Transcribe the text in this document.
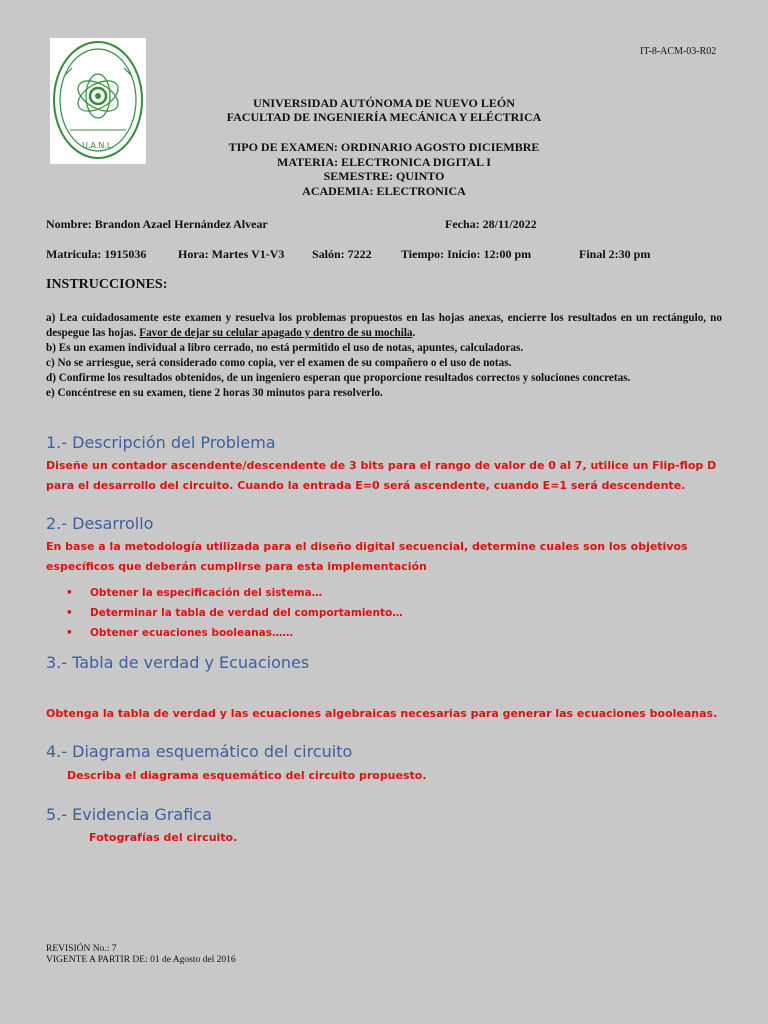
IT-8-ACM-03-R02
U.A.N.L.
UNIVERSIDAD AUTÓNOMA DE NUEVO LEÓN
FACULTAD DE INGENIERÍA MECÁNICA Y ELÉCTRICA
TIPO DE EXAMEN: ORDINARIO AGOSTO DICIEMBRE
MATERIA: ELECTRONICA DIGITAL I
SEMESTRE: QUINTO
ACADEMIA: ELECTRONICA
Nombre: Brandon Azael Hernández Alvear	Fecha: 28/11/2022
Matricula: 1915036	Hora: Martes V1-V3 Salón: 7222 Tiempo: Inicio: 12:00 pm	Final 2:30 pm
INSTRUCCIONES:

a) Lea cuidadosamente este examen y resuelva los problemas propuestos en las hojas anexas, encierre los resultados en un rectángulo, no despegue las hojas. Favor de dejar su celular apagado y dentro de su mochila.

b) Es un examen individual a libro cerrado, no está permitido el uso de notas, apuntes, calculadoras.

c) No se arriesgue, será considerado como copia, ver el examen de su compañero o el uso de notas.

d) Confirme los resultados obtenidos, de un ingeniero esperan que proporcione resultados correctos y soluciones concretas.

e) Concéntrese en su examen, tiene 2 horas 30 minutos para resolverlo.

1.- Descripción del Problema
Diseñe un contador ascendente/descendente de 3 bits para el rango de valor de 0 al 7, utilice un Flip-flop D para el desarrollo del circuito. Cuando la entrada E=0 será ascendente, cuando E=1 será descendente.
2.- Desarrollo
En base a la metodología utilizada para el diseño digital secuencial, determine cuales son los objetivos específicos que deberán cumplirse para esta implementación
• Obtener la especificación del sistema…
• Determinar la tabla de verdad del comportamiento…
• Obtener ecuaciones booleanas……
3.- Tabla de verdad y Ecuaciones
Obtenga la tabla de verdad y las ecuaciones algebraicas necesarias para generar las ecuaciones booleanas.
4.- Diagrama esquemático del circuito
Describa el diagrama esquemático del circuito propuesto.
5.- Evidencia Grafica
Fotografías del circuito.
REVISIÓN No.: 7
VIGENTE A PARTIR DE: 01 de Agosto del 2016
